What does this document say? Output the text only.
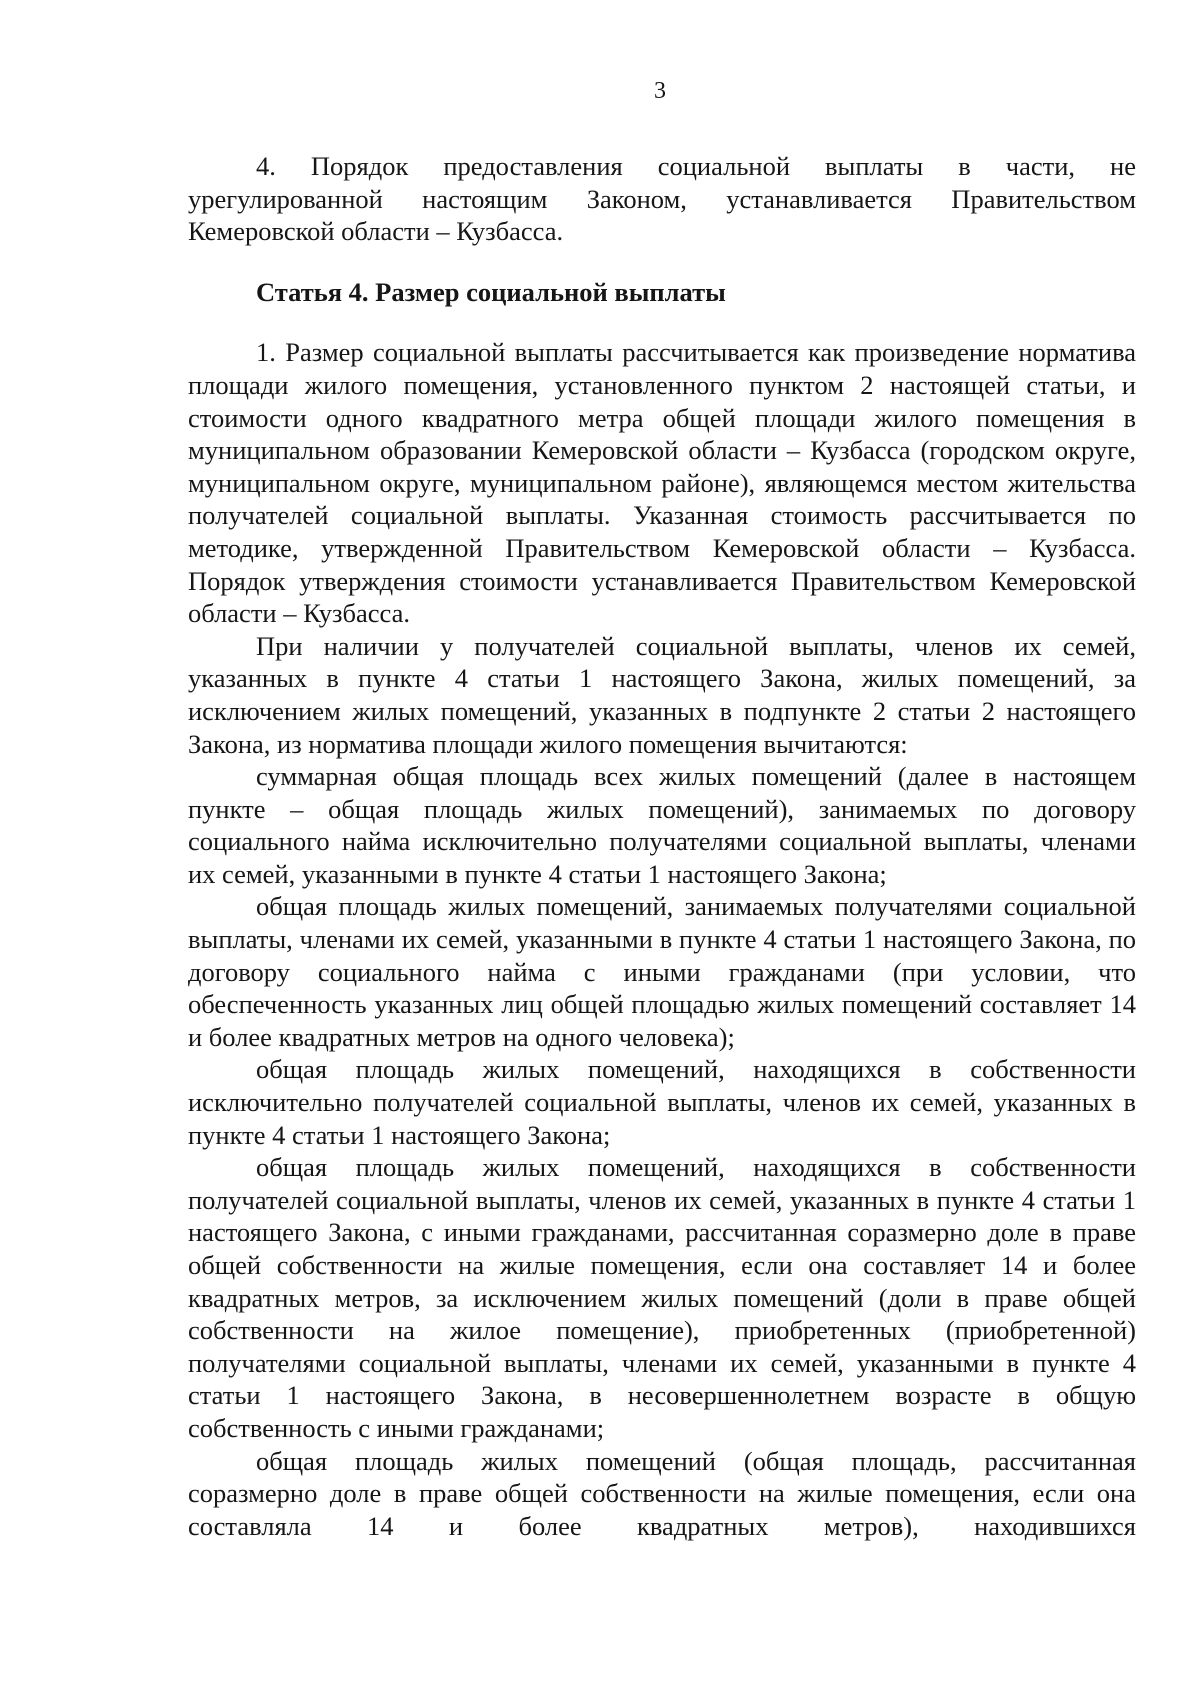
3

4. Порядок предоставления социальной выплаты в части, не урегулированной настоящим Законом, устанавливается Правительством Кемеровской области – Кузбасса.

Статья 4. Размер социальной выплаты

1. Размер социальной выплаты рассчитывается как произведение норматива площади жилого помещения, установленного пунктом 2 настоящей статьи, и стоимости одного квадратного метра общей площади жилого помещения в муниципальном образовании Кемеровской области – Кузбасса (городском округе, муниципальном округе, муниципальном районе), являющемся местом жительства получателей социальной выплаты. Указанная стоимость рассчитывается по методике, утвержденной Правительством Кемеровской области – Кузбасса. Порядок утверждения стоимости устанавливается Правительством Кемеровской области – Кузбасса.

При наличии у получателей социальной выплаты, членов их семей, указанных в пункте 4 статьи 1 настоящего Закона, жилых помещений, за исключением жилых помещений, указанных в подпункте 2 статьи 2 настоящего Закона, из норматива площади жилого помещения вычитаются:

суммарная общая площадь всех жилых помещений (далее в настоящем пункте – общая площадь жилых помещений), занимаемых по договору социального найма исключительно получателями социальной выплаты, членами их семей, указанными в пункте 4 статьи 1 настоящего Закона;

общая площадь жилых помещений, занимаемых получателями социальной выплаты, членами их семей, указанными в пункте 4 статьи 1 настоящего Закона, по договору социального найма с иными гражданами (при условии, что обеспеченность указанных лиц общей площадью жилых помещений составляет 14 и более квадратных метров на одного человека);

общая площадь жилых помещений, находящихся в собственности исключительно получателей социальной выплаты, членов их семей, указанных в пункте 4 статьи 1 настоящего Закона;

общая площадь жилых помещений, находящихся в собственности получателей социальной выплаты, членов их семей, указанных в пункте 4 статьи 1 настоящего Закона, с иными гражданами, рассчитанная соразмерно доле в праве общей собственности на жилые помещения, если она составляет 14 и более квадратных метров, за исключением жилых помещений (доли в праве общей собственности на жилое помещение), приобретенных (приобретенной) получателями социальной выплаты, членами их семей, указанными в пункте 4 статьи 1 настоящего Закона, в несовершеннолетнем возрасте в общую собственность с иными гражданами;

общая площадь жилых помещений (общая площадь, рассчитанная соразмерно доле в праве общей собственности на жилые помещения, если она составляла 14 и более квадратных метров), находившихся
